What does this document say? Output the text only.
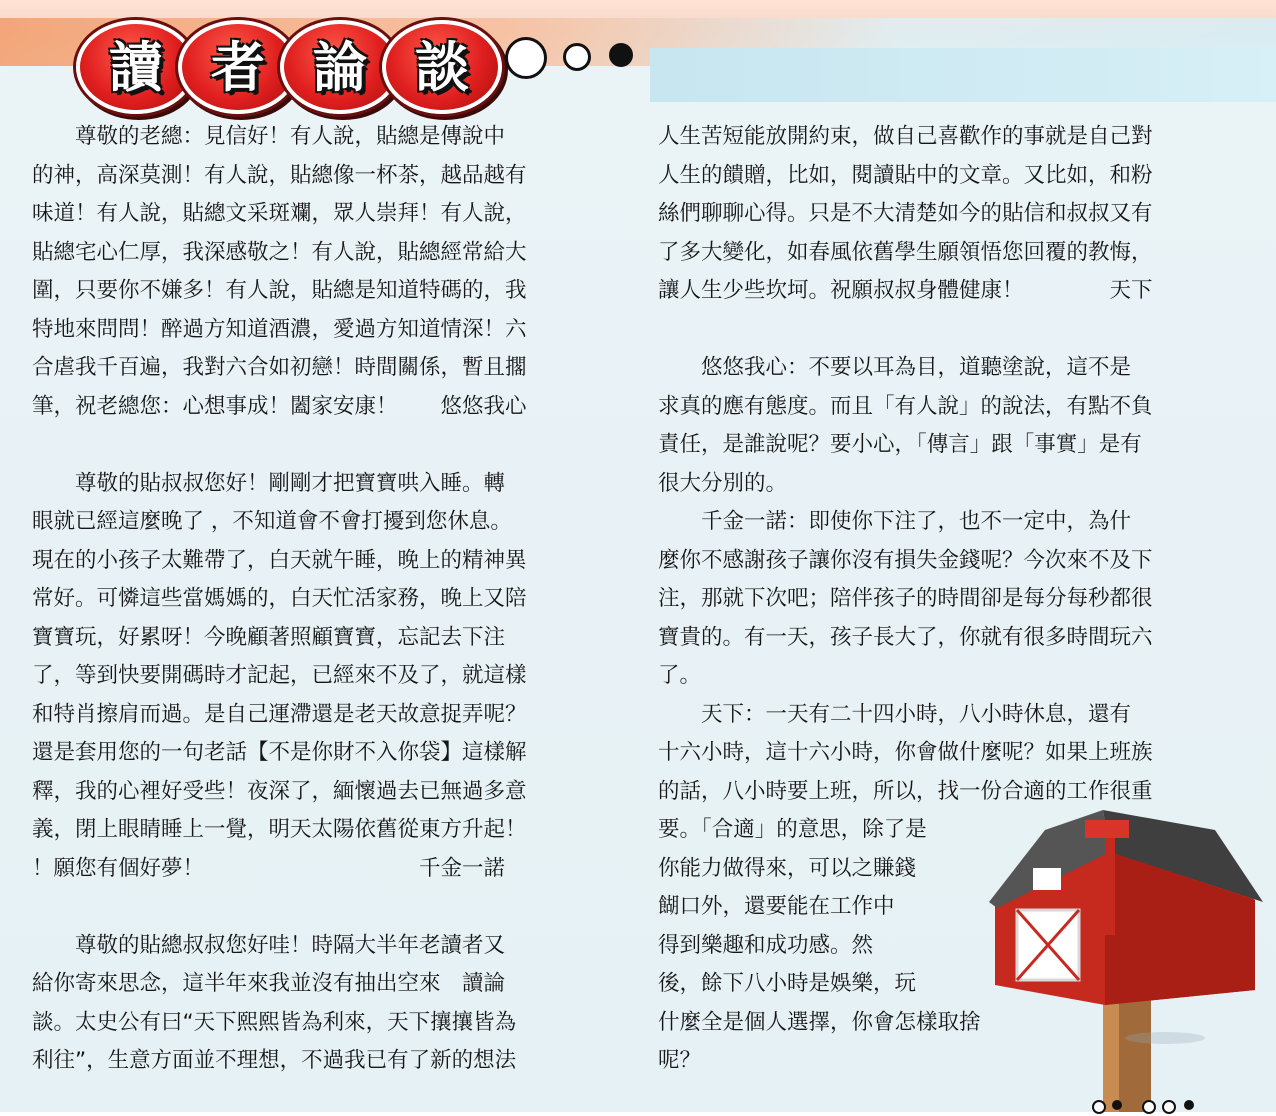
讀 者 論 談

　　尊敬的老總：見信好！有人說，貼總是傳說中

的神，高深莫測！有人說，貼總像一杯茶，越品越有

味道！有人說，貼總文采斑斕，眾人崇拜！有人說，

貼總宅心仁厚，我深感敬之！有人說，貼總經常給大

圍，只要你不嫌多！有人說，貼總是知道特碼的，我

特地來問問！醉過方知道酒濃，愛過方知道情深！六

合虐我千百遍，我對六合如初戀！時間關係，暫且擱

筆，祝老總您：心想事成！闔家安康！　　悠悠我心

　　尊敬的貼叔叔您好！剛剛才把寶寶哄入睡。轉

眼就已經這麼晚了 ，不知道會不會打擾到您休息。

現在的小孩子太難帶了，白天就午睡，晚上的精神異

常好。可憐這些當媽媽的，白天忙活家務，晚上又陪

寶寶玩，好累呀！今晚顧著照顧寶寶，忘記去下注

了，等到快要開碼時才記起，已經來不及了，就這樣

和特肖擦肩而過。是自己運滯還是老天故意捉弄呢？

還是套用您的一句老話【不是你財不入你袋】這樣解

釋，我的心裡好受些！夜深了，緬懷過去已無過多意

義，閉上眼睛睡上一覺，明天太陽依舊從東方升起！

！願您有個好夢！　　　　　　　　　　千金一諾

　　尊敬的貼總叔叔您好哇！時隔大半年老讀者又

給你寄來思念，這半年來我並沒有抽出空來　讀論

談。太史公有曰“天下熙熙皆為利來，天下攘攘皆為

利往”，生意方面並不理想，不過我已有了新的想法

人生苦短能放開約束，做自己喜歡作的事就是自己對

人生的饋贈，比如，閱讀貼中的文章。又比如，和粉

絲們聊聊心得。只是不大清楚如今的貼信和叔叔又有

了多大變化，如春風依舊學生願領悟您回覆的教悔，

讓人生少些坎坷。祝願叔叔身體健康！　　　　天下

　　悠悠我心：不要以耳為目，道聽塗說，這不是

求真的應有態度。而且「有人說」的說法，有點不負

責任，是誰說呢？要小心，「傳言」跟「事實」是有

很大分別的。

　　千金一諾：即使你下注了，也不一定中，為什

麼你不感謝孩子讓你沒有損失金錢呢？今次來不及下

注，那就下次吧；陪伴孩子的時間卻是每分每秒都很

寶貴的。有一天，孩子長大了，你就有很多時間玩六

了。

　　天下：一天有二十四小時，八小時休息，還有

十六小時，這十六小時，你會做什麼呢？如果上班族

的話，八小時要上班，所以，找一份合適的工作很重

要。「合適」的意思，除了是

你能力做得來，可以之賺錢

餬口外，還要能在工作中

得到樂趣和成功感。然

後，餘下八小時是娛樂，玩

什麼全是個人選擇，你會怎樣取捨

呢？
